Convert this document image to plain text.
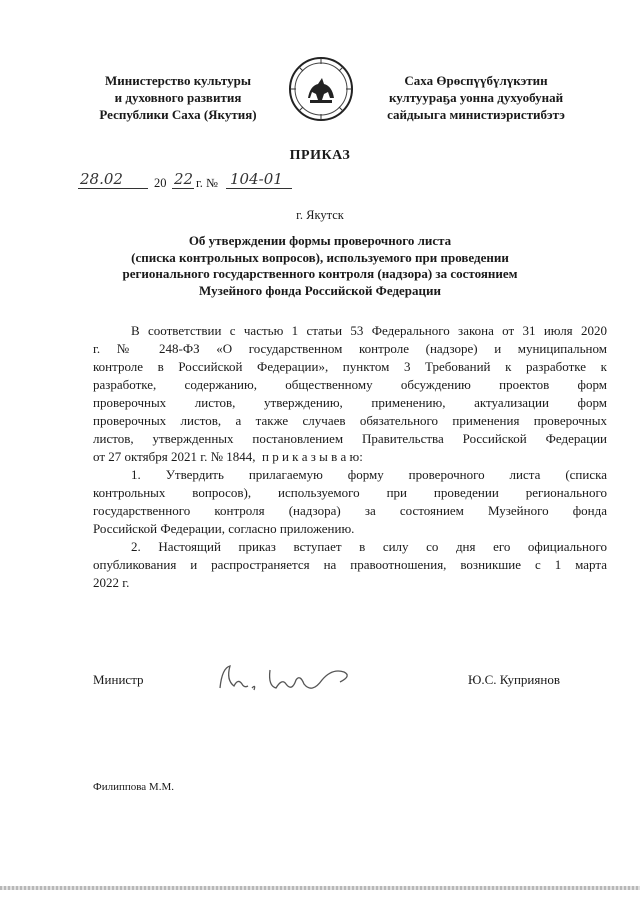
Министерство культуры
и духовного развития
Республики Саха (Якутия)
Саха Өрөспүүбүлүкэтин
култуураҕа уонна духуобунай
сайдыыга министиэристибэтэ
ПРИКАЗ
28.02 20 22 г. № 104-01
г. Якутск
Об утверждении формы проверочного листа
(списка контрольных вопросов), используемого при проведении
регионального государственного контроля (надзора) за состоянием
Музейного фонда Российской Федерации
В соответствии с частью 1 статьи 53 Федерального закона от 31 июля 2020
г. № 248-ФЗ «О государственном контроле (надзоре) и муниципальном
контроле в Российской Федерации», пунктом 3 Требований к разработке к
разработке, содержанию, общественному обсуждению проектов форм
проверочных листов, утверждению, применению, актуализации форм
проверочных листов, а также случаев обязательного применения проверочных
листов, утвержденных постановлением Правительства Российской Федерации
от 27 октября 2021 г. № 1844, п р и к а з ы в а ю:
1. Утвердить прилагаемую форму проверочного листа (списка
контрольных вопросов), используемого при проведении регионального
государственного контроля (надзора) за состоянием Музейного фонда
Российской Федерации, согласно приложению.
2. Настоящий приказ вступает в силу со дня его официального
опубликования и распространяется на правоотношения, возникшие с 1 марта
2022 г.
Министр	Ю.С. Куприянов
Филиппова М.М.
